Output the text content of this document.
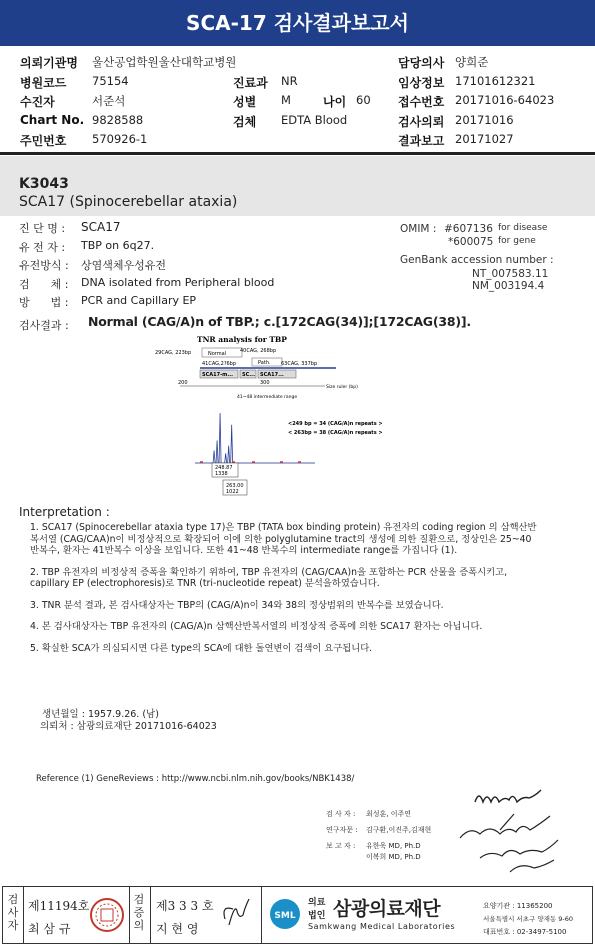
SCA-17 검사결과보고서
의뢰기관명 울산공업학원울산대학교병원
병원코드 75154
수진자	서준석
Chart No. 9828588
주민번호 570926-1
진료과 NR
성별 M	나이 60
검체 EDTA Blood
담당의사 양희준
임상정보 17101612321
접수번호 20171016-64023
검사의뢰 20171016
결과보고 20171027
K3043
SCA17 (Spinocerebellar ataxia)
진 단 명 : SCA17
유 전 자 : TBP on 6q27.
유전방식 : 상염색체우성유전
검      체 : DNA isolated from Peripheral blood
방      법 : PCR and Capillary EP
OMIM : #607136 for disease
*600075 for gene
GenBank accession number :
NT_007583.11
NM_003194.4
검사결과 : Normal (CAG/A)n of TBP.; c.[172CAG(34)];[172CAG(38)].
TNR analysis for TBP
29CAG, 223bp	Normal	40CAG, 268bp
41CAG,2?6bp	Path. 63CAG, 337bp
SCA17-m... SC... SCA17...
200	300
Size ruler (bp)
41~48 intermediate range
<249 bp = 34 (CAG/A)n repeats >
< 263bp = 38 (CAG/A)n repeats >
248.87
1338
263.00
1022
Interpretation :

1. SCA17 (Spinocerebellar ataxia type 17)은 TBP (TATA box binding protein) 유전자의 coding region 의 삼핵산반복서열 (CAG/CAA)n이 비정상적으로 확장되어 이에 의한 polyglutamine tract의 생성에 의한 질환으로, 정상인은 25~40반복수, 환자는 41반복수 이상을 보입니다. 또한 41~48 반복수의 intermediate range를 가집니다 (1).

2. TBP 유전자의 비정상적 증폭을 확인하기 위하여, TBP 유전자의 (CAG/CAA)n을 포함하는 PCR 산물을 증폭시키고, capillary EP (electrophoresis)로 TNR (tri-nucleotide repeat) 분석을하였습니다.

3. TNR 분석 결과, 본 검사대상자는 TBP의 (CAG/A)n이 34와 38의 정상범위의 반복수를 보였습니다.

4. 본 검사대상자는 TBP 유전자의 (CAG/A)n 삼핵산반복서열의 비정상적 증폭에 의한 SCA17 환자는 아닙니다.

5. 확실한 SCA가 의심되시면 다른 type의 SCA에 대한 돌연변이 검색이 요구됩니다.

생년월일 : 1957.9.26. (남)
의뢰처 : 삼광의료재단 20171016-64023
Reference (1) GeneReviews : http://www.ncbi.nlm.nih.gov/books/NBK1438/
검 사 자 : 최성훈, 이주연
연구자문 : 김구환,이진주,김재현
보 고 자 : 유한욱 MD, Ph.D
이복희 MD, Ph.D
검 사 자
제11194호
최 삼 규
검 증 의
제3 3 3 호
지 현 영
SML
의료
법인 삼광의료재단
Samkwang Medical Laboratories
요양기관 : 11365200
서울특별시 서초구 양재동 9-60
대표번호 : 02-3497-5100
